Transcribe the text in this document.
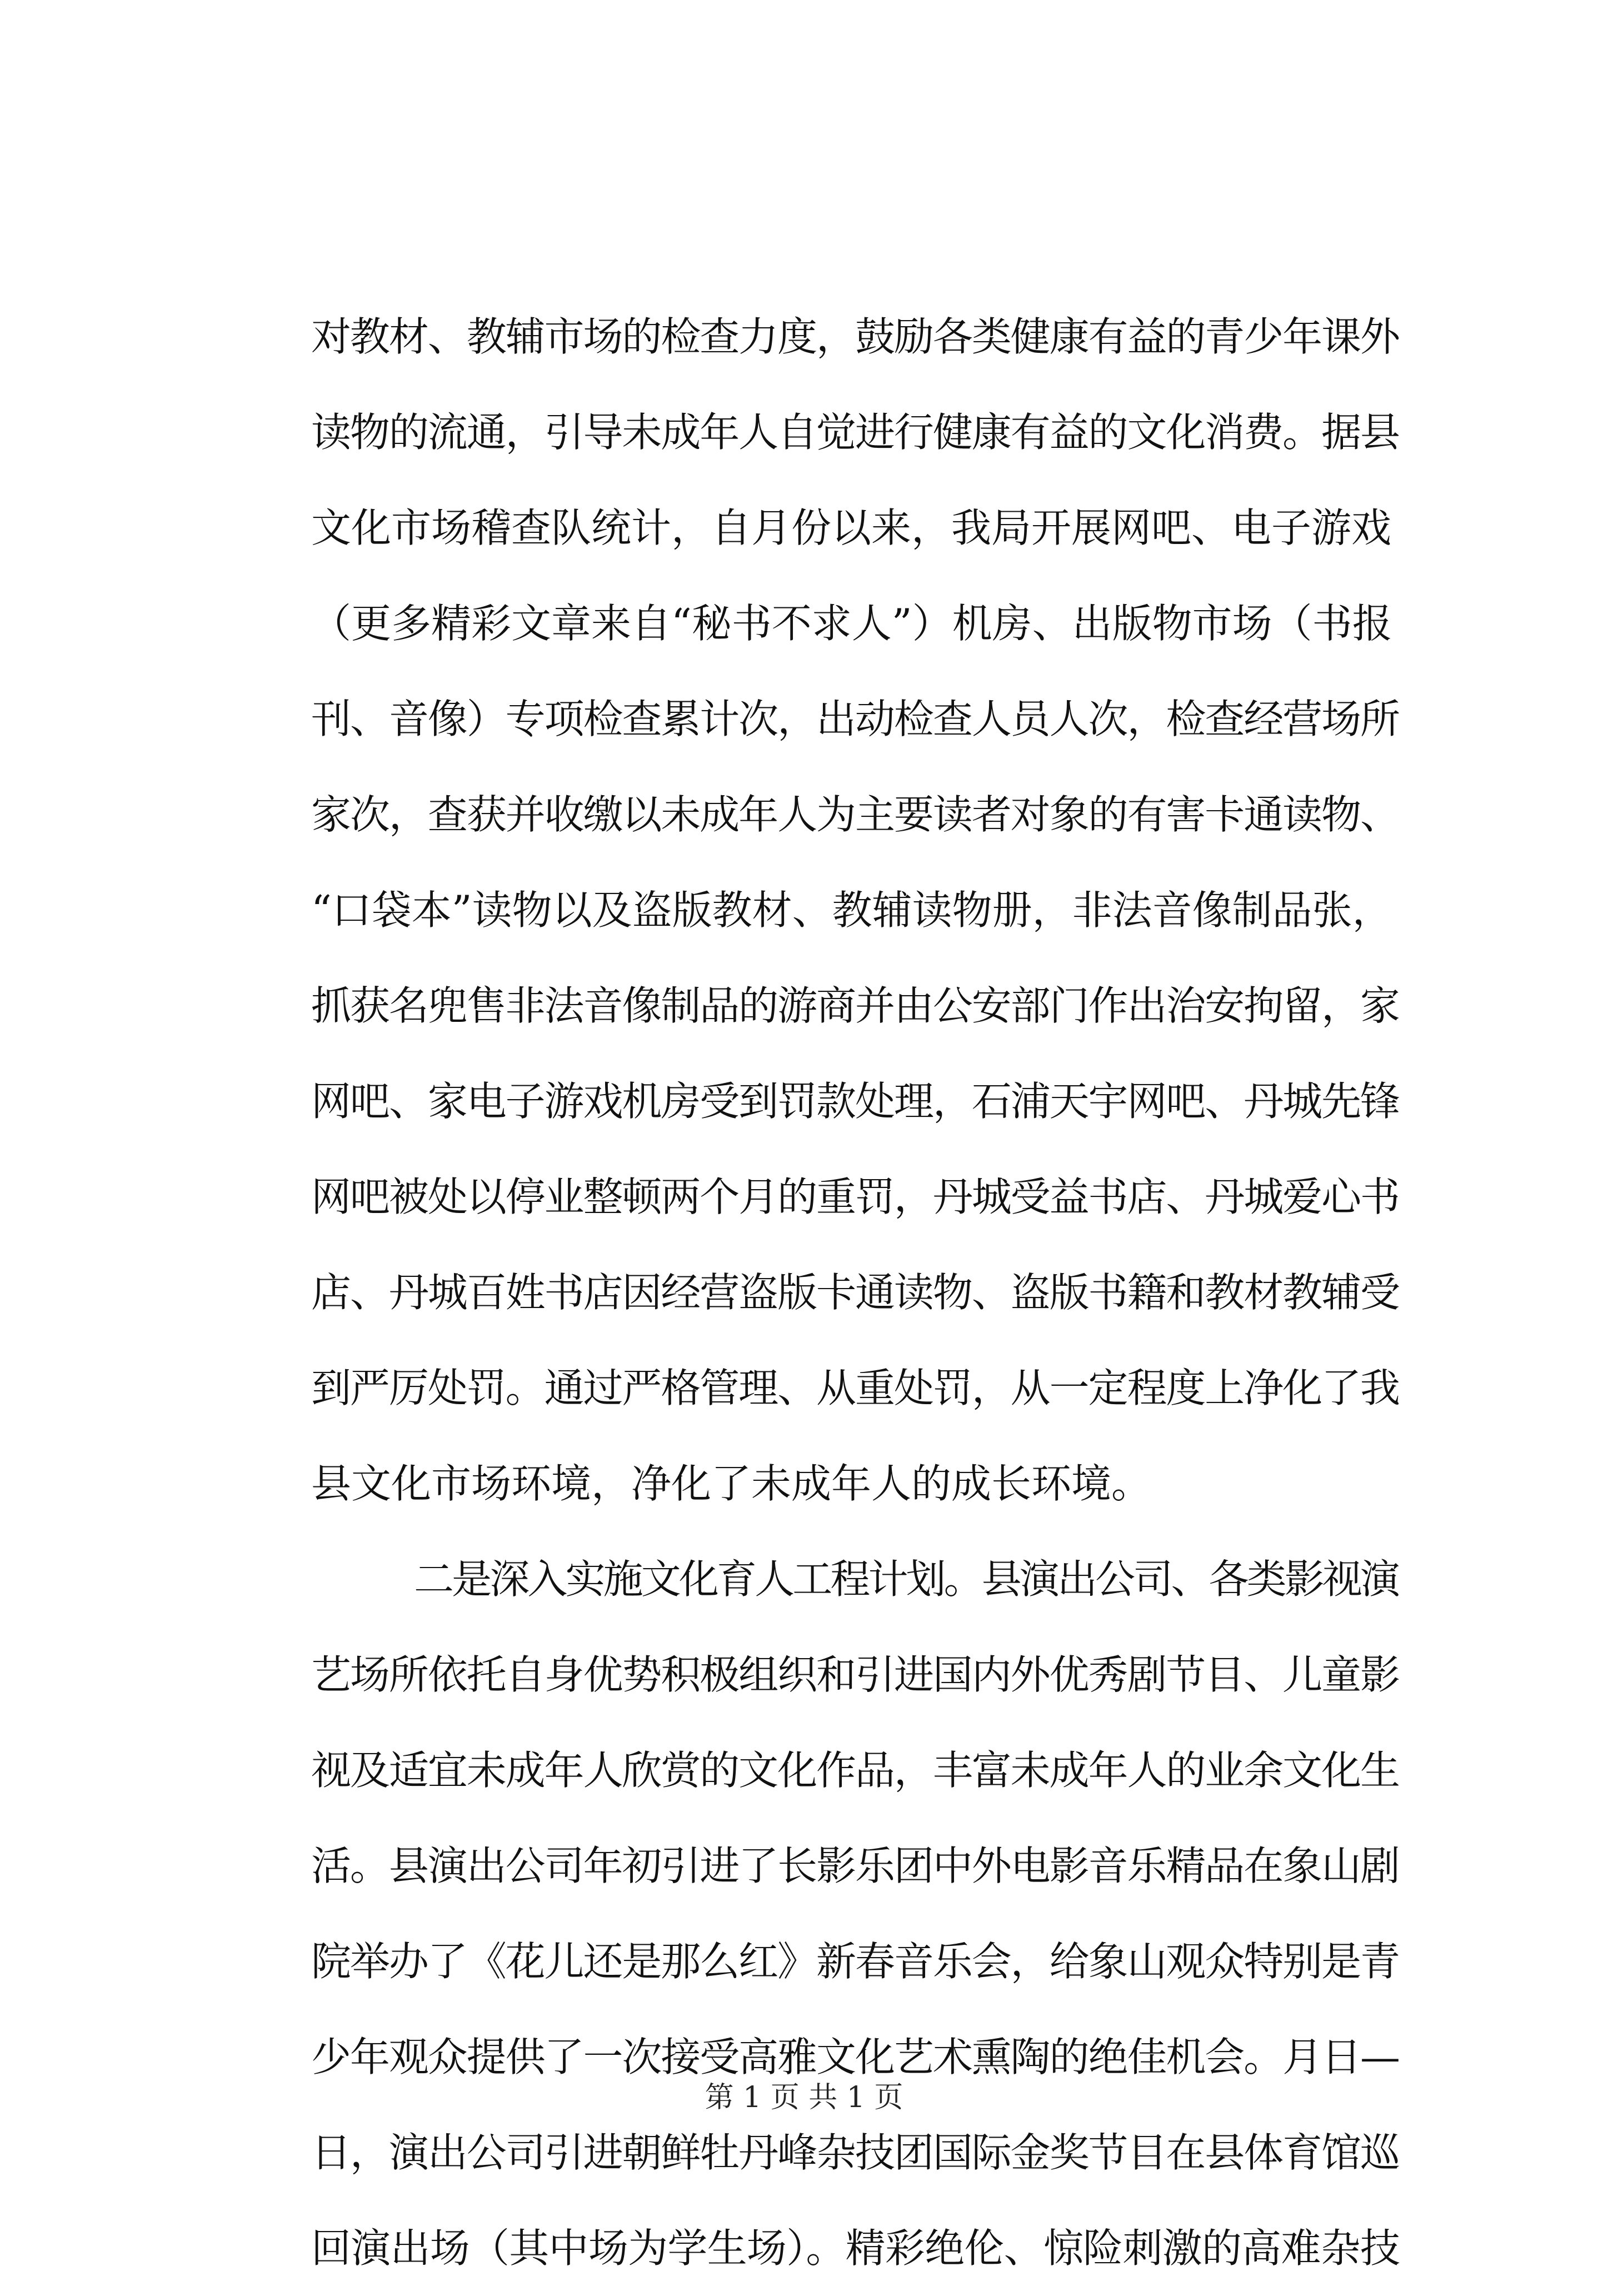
对教材、教辅市场的检查力度，鼓励各类健康有益的青少年课外
读物的流通，引导未成年人自觉进行健康有益的文化消费。据县
文化市场稽查队统计，自月份以来，我局开展网吧、电子游戏
（更多精彩文章来自“秘书不求人”）机房、出版物市场（书报
刊、音像）专项检查累计次，出动检查人员人次，检查经营场所
家次，查获并收缴以未成年人为主要读者对象的有害卡通读物、
“口袋本”读物以及盗版教材、教辅读物册，非法音像制品张，
抓获名兜售非法音像制品的游商并由公安部门作出治安拘留，家
网吧、家电子游戏机房受到罚款处理，石浦天宇网吧、丹城先锋
网吧被处以停业整顿两个月的重罚，丹城受益书店、丹城爱心书
店、丹城百姓书店因经营盗版卡通读物、盗版书籍和教材教辅受
到严厉处罚。通过严格管理、从重处罚，从一定程度上净化了我
县文化市场环境，净化了未成年人的成长环境。
二是深入实施文化育人工程计划。县演出公司、各类影视演
艺场所依托自身优势积极组织和引进国内外优秀剧节目、儿童影
视及适宜未成年人欣赏的文化作品，丰富未成年人的业余文化生
活。县演出公司年初引进了长影乐团中外电影音乐精品在象山剧
院举办了《花儿还是那么红》新春音乐会，给象山观众特别是青
少年观众提供了一次接受高雅文化艺术熏陶的绝佳机会。月日—
日，演出公司引进朝鲜牡丹峰杂技团国际金奖节目在县体育馆巡
回演出场（其中场为学生场）。精彩绝伦、惊险刺激的高难杂技
第 1 页 共 1 页
